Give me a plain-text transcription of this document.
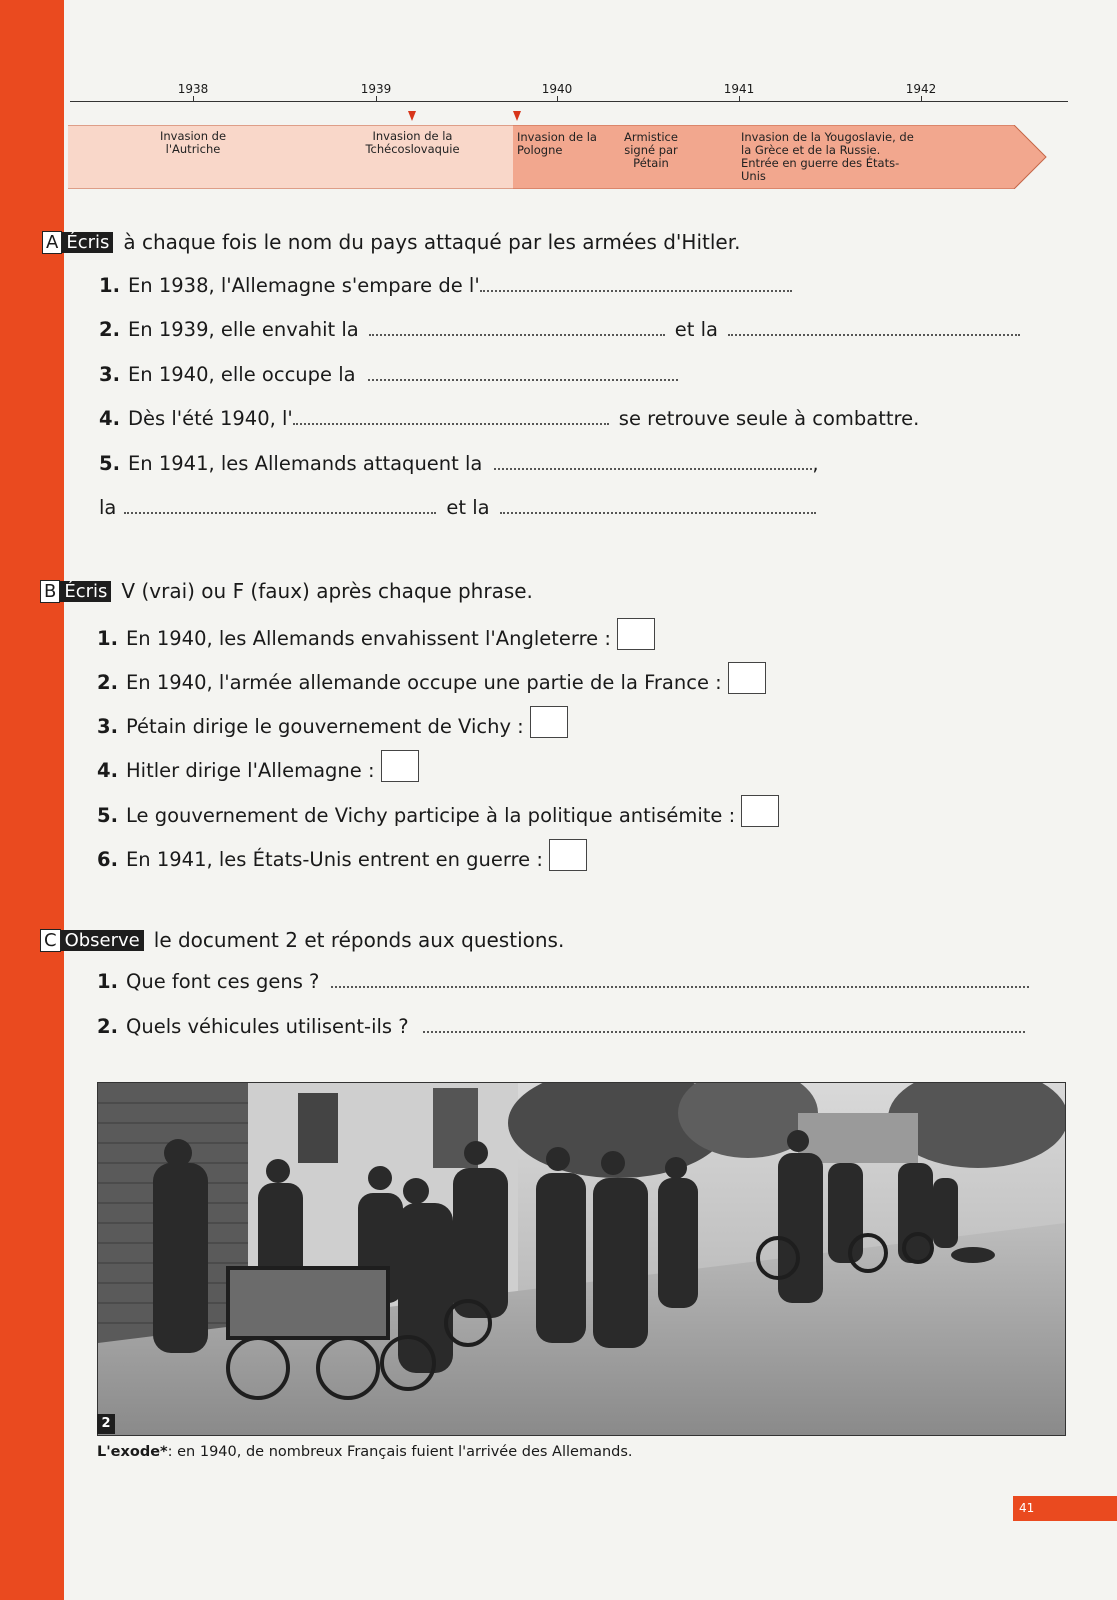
1938	1939	1940	1941	1942
Invasion de l'Autriche
Invasion de la Tchécoslovaquie
Invasion de la Pologne
Armistice signé par Pétain
Invasion de la Yougoslavie, de la Grèce et de la Russie. Entrée en guerre des États-Unis
A Écris à chaque fois le nom du pays attaqué par les armées d'Hitler.
1. En 1938, l'Allemagne s'empare de l'
2. En 1939, elle envahit la	et la
3. En 1940, elle occupe la
4. Dès l'été 1940, l'	se retrouve seule à combattre.
5. En 1941, les Allemands attaquent la	,
la	et la
B Écris V (vrai) ou F (faux) après chaque phrase.
1. En 1940, les Allemands envahissent l'Angleterre :
2. En 1940, l'armée allemande occupe une partie de la France :
3. Pétain dirige le gouvernement de Vichy :
4. Hitler dirige l'Allemagne :
5. Le gouvernement de Vichy participe à la politique antisémite :
6. En 1941, les États-Unis entrent en guerre :
C Observe le document 2 et réponds aux questions.
1. Que font ces gens ?
2. Quels véhicules utilisent-ils ?
2
L'exode*: en 1940, de nombreux Français fuient l'arrivée des Allemands.
41
